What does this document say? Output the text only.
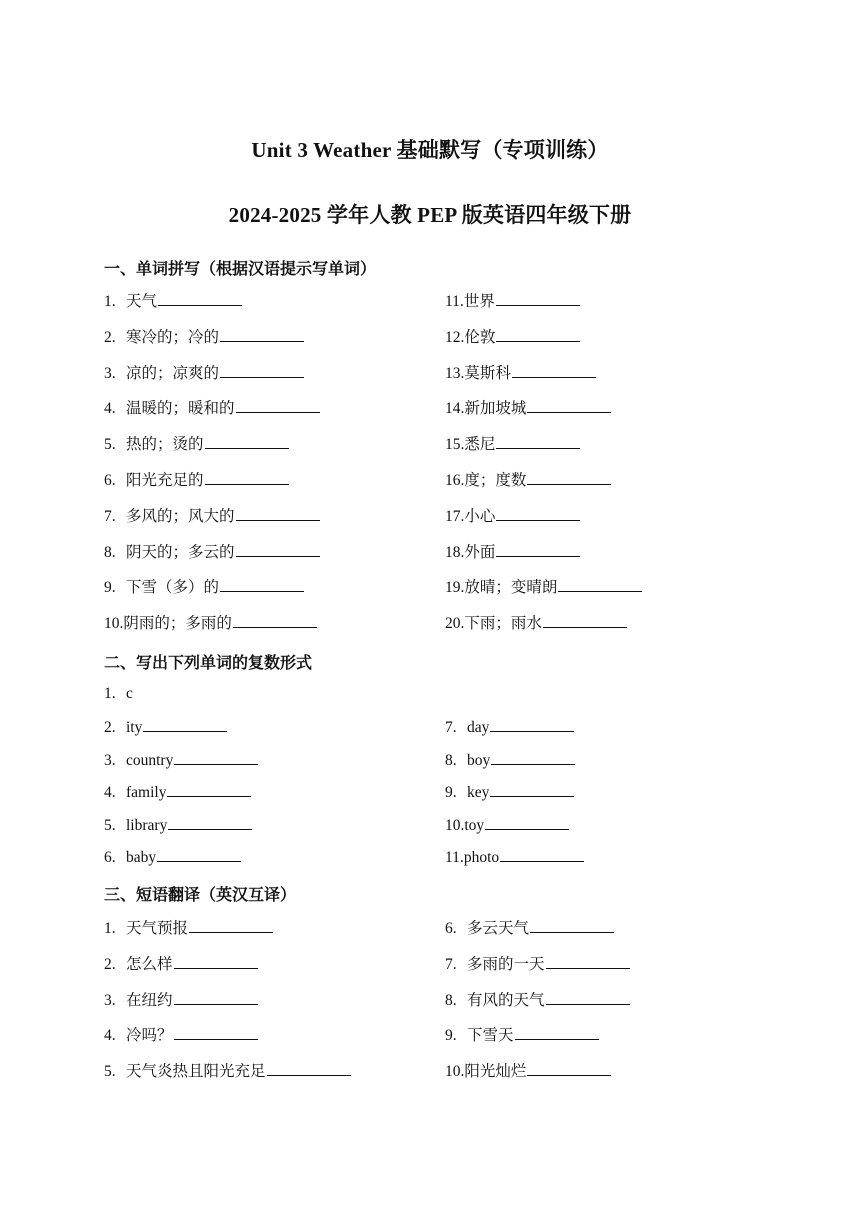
Unit 3 Weather 基础默写（专项训练）
2024-2025 学年人教 PEP 版英语四年级下册
一、单词拼写（根据汉语提示写单词）
二、写出下列单词的复数形式
1. c
三、短语翻译（英汉互译）
1. 天气
2. 寒冷的；冷的
3. 凉的；凉爽的
4. 温暖的；暖和的
5. 热的；烫的
6. 阳光充足的
7. 多风的；风大的
8. 阴天的；多云的
9. 下雪（多）的
10.阴雨的；多雨的
11.世界
12.伦敦
13.莫斯科
14.新加坡城
15.悉尼
16.度；度数
17.小心
18.外面
19.放晴；变晴朗
20.下雨；雨水
2. ity
3. country
4. family
5. library
6. baby
7. day
8. boy
9. key
10.toy
11.photo
1. 天气预报
2. 怎么样
3. 在纽约
4. 冷吗？
5. 天气炎热且阳光充足
6. 多云天气
7. 多雨的一天
8. 有风的天气
9. 下雪天
10.阳光灿烂
